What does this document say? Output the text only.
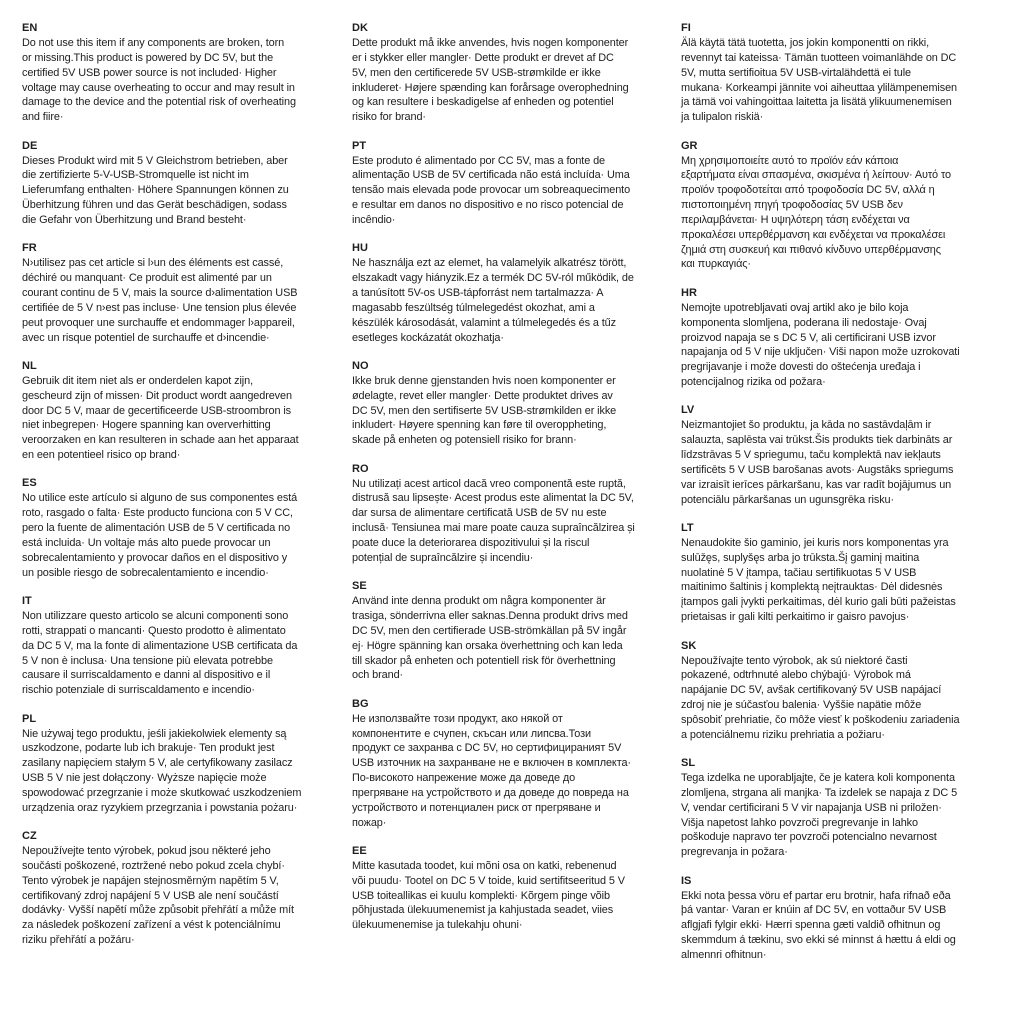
EN
Do not use this item if any components are broken, torn
or missing.This product is powered by DC 5V, but the
certified 5V USB power source is not included· Higher
voltage may cause overheating to occur and may result in
damage to the device and the potential risk of overheating
and fiire·
DE
Dieses Produkt wird mit 5 V Gleichstrom betrieben, aber
die zertifizierte 5-V-USB-Stromquelle ist nicht im
Lieferumfang enthalten· Höhere Spannungen können zu
Überhitzung führen und das Gerät beschädigen, sodass
die Gefahr von Überhitzung und Brand besteht·
FR
N›utilisez pas cet article si l›un des éléments est cassé,
déchiré ou manquant· Ce produit est alimenté par un
courant continu de 5 V, mais la source d›alimentation USB
certifiée de 5 V n›est pas incluse· Une tension plus élevée
peut provoquer une surchauffe et endommager l›appareil,
avec un risque potentiel de surchauffe et d›incendie·
NL
Gebruik dit item niet als er onderdelen kapot zijn,
gescheurd zijn of missen· Dit product wordt aangedreven
door DC 5 V, maar de gecertificeerde USB-stroombron is
niet inbegrepen· Hogere spanning kan oververhitting
veroorzaken en kan resulteren in schade aan het apparaat
en een potentieel risico op brand·
ES
No utilice este artículo si alguno de sus componentes está
roto, rasgado o falta· Este producto funciona con 5 V CC,
pero la fuente de alimentación USB de 5 V certificada no
está incluida· Un voltaje más alto puede provocar un
sobrecalentamiento y provocar daños en el dispositivo y
un posible riesgo de sobrecalentamiento e incendio·
IT
Non utilizzare questo articolo se alcuni componenti sono
rotti, strappati o mancanti· Questo prodotto è alimentato
da DC 5 V, ma la fonte di alimentazione USB certificata da
5 V non è inclusa· Una tensione più elevata potrebbe
causare il surriscaldamento e danni al dispositivo e il
rischio potenziale di surriscaldamento e incendio·
PL
Nie używaj tego produktu, jeśli jakiekolwiek elementy są
uszkodzone, podarte lub ich brakuje· Ten produkt jest
zasilany napięciem stałym 5 V, ale certyfikowany zasilacz
USB 5 V nie jest dołączony· Wyższe napięcie może
spowodować przegrzanie i może skutkować uszkodzeniem
urządzenia oraz ryzykiem przegrzania i powstania pożaru·
CZ
Nepoužívejte tento výrobek, pokud jsou některé jeho
součásti poškozené, roztržené nebo pokud zcela chybí·
Tento výrobek je napájen stejnosměrným napětím 5 V,
certifikovaný zdroj napájení 5 V USB ale není součástí
dodávky· Vyšší napětí může způsobit přehřátí a může mít
za následek poškození zařízení a vést k potenciálnímu
riziku přehřátí a požáru·
DK
Dette produkt må ikke anvendes, hvis nogen komponenter
er i stykker eller mangler· Dette produkt er drevet af DC
5V, men den certificerede 5V USB-strømkilde er ikke
inkluderet· Højere spænding kan forårsage overophedning
og kan resultere i beskadigelse af enheden og potentiel
risiko for brand·
PT
Este produto é alimentado por CC 5V, mas a fonte de
alimentação USB de 5V certificada não está incluída· Uma
tensão mais elevada pode provocar um sobreaquecimento
e resultar em danos no dispositivo e no risco potencial de
incêndio·
HU
Ne használja ezt az elemet, ha valamelyik alkatrész törött,
elszakadt vagy hiányzik.Ez a termék DC 5V-ról működik, de
a tanúsított 5V-os USB-tápforrást nem tartalmazza· A
magasabb feszültség túlmelegedést okozhat, ami a
készülék károsodását, valamint a túlmelegedés és a tűz
esetleges kockázatát okozhatja·
NO
Ikke bruk denne gjenstanden hvis noen komponenter er
ødelagte, revet eller mangler· Dette produktet drives av
DC 5V, men den sertifiserte 5V USB-strømkilden er ikke
inkludert· Høyere spenning kan føre til overoppheting,
skade på enheten og potensiell risiko for brann·
RO
Nu utilizați acest articol dacă vreo componentă este ruptă,
distrusă sau lipsește· Acest produs este alimentat la DC 5V,
dar sursa de alimentare certificată USB de 5V nu este
inclusă· Tensiunea mai mare poate cauza supraîncălzirea și
poate duce la deteriorarea dispozitivului și la riscul
potențial de supraîncălzire și incendiu·
SE
Använd inte denna produkt om några komponenter är
trasiga, sönderrivna eller saknas.Denna produkt drivs med
DC 5V, men den certifierade USB-strömkällan på 5V ingår
ej· Högre spänning kan orsaka överhettning och kan leda
till skador på enheten och potentiell risk för överhettning
och brand·
BG
Не използвайте този продукт, ако някой от
компонентите е счупен, скъсан или липсва.Този
продукт се захранва с DC 5V, но сертифицираният 5V
USB източник на захранване не е включен в комплекта·
По-високото напрежение може да доведе до
прегряване на устройството и да доведе до повреда на
устройството и потенциален риск от прегряване и
пожар·
EE
Mitte kasutada toodet, kui mõni osa on katki, rebenenud
või puudu· Tootel on DC 5 V toide, kuid sertifitseeritud 5 V
USB toiteallikas ei kuulu komplekti· Kõrgem pinge võib
põhjustada ülekuumenemist ja kahjustada seadet, viies
ülekuumenemise ja tulekahju ohuni·
FI
Älä käytä tätä tuotetta, jos jokin komponentti on rikki,
revennyt tai kateissa· Tämän tuotteen voimanlähde on DC
5V, mutta sertifioitua 5V USB-virtalähdettä ei tule
mukana· Korkeampi jännite voi aiheuttaa ylilämpenemisen
ja tämä voi vahingoittaa laitetta ja lisätä ylikuumenemisen
ja tulipalon riskiä·
GR
Μη χρησιμοποιείτε αυτό το προϊόν εάν κάποια
εξαρτήματα είναι σπασμένα, σκισμένα ή λείπουν· Αυτό το
προϊόν τροφοδοτείται από τροφοδοσία DC 5V, αλλά η
πιστοποιημένη πηγή τροφοδοσίας 5V USB δεν
περιλαμβάνεται· Η υψηλότερη τάση ενδέχεται να
προκαλέσει υπερθέρμανση και ενδέχεται να προκαλέσει
ζημιά στη συσκευή και πιθανό κίνδυνο υπερθέρμανσης
και πυρκαγιάς·
HR
Nemojte upotrebljavati ovaj artikl ako je bilo koja
komponenta slomljena, poderana ili nedostaje· Ovaj
proizvod napaja se s DC 5 V, ali certificirani USB izvor
napajanja od 5 V nije uključen· Viši napon može uzrokovati
pregrijavanje i može dovesti do oštećenja uređaja i
potencijalnog rizika od požara·
LV
Neizmantojiet šo produktu, ja kāda no sastāvdaļām ir
salauzta, saplēsta vai trūkst.Šis produkts tiek darbināts ar
līdzstrāvas 5 V spriegumu, taču komplektā nav iekļauts
sertificēts 5 V USB barošanas avots· Augstāks spriegums
var izraisīt ierīces pārkaršanu, kas var radīt bojājumus un
potenciālu pārkaršanas un ugunsgrēka risku·
LT
Nenaudokite šio gaminio, jei kuris nors komponentas yra
sulūžęs, suplyšęs arba jo trūksta.Šį gaminį maitina
nuolatinė 5 V įtampa, tačiau sertifikuotas 5 V USB
maitinimo šaltinis į komplektą neįtrauktas· Dėl didesnės
įtampos gali įvykti perkaitimas, dėl kurio gali būti pažeistas
prietaisas ir gali kilti perkaitimo ir gaisro pavojus·
SK
Nepoužívajte tento výrobok, ak sú niektoré časti
pokazené, odtrhnuté alebo chýbajú· Výrobok má
napájanie DC 5V, avšak certifikovaný 5V USB napájací
zdroj nie je súčasťou balenia· Vyššie napätie môže
spôsobiť prehriatie, čo môže viesť k poškodeniu zariadenia
a potenciálnemu riziku prehriatia a požiaru·
SL
Tega izdelka ne uporabljajte, če je katera koli komponenta
zlomljena, strgana ali manjka· Ta izdelek se napaja z DC 5
V, vendar certificirani 5 V vir napajanja USB ni priložen·
Višja napetost lahko povzroči pregrevanje in lahko
poškoduje napravo ter povzroči potencialno nevarnost
pregrevanja in požara·
IS
Ekki nota þessa vöru ef partar eru brotnir, hafa rifnað eða
þá vantar· Varan er knúin af DC 5V, en vottaður 5V USB
aflgjafi fylgir ekki· Hærri spenna gæti valdið ofhitnun og
skemmdum á tækinu, svo ekki sé minnst á hættu á eldi og
almennri ofhitnun·
